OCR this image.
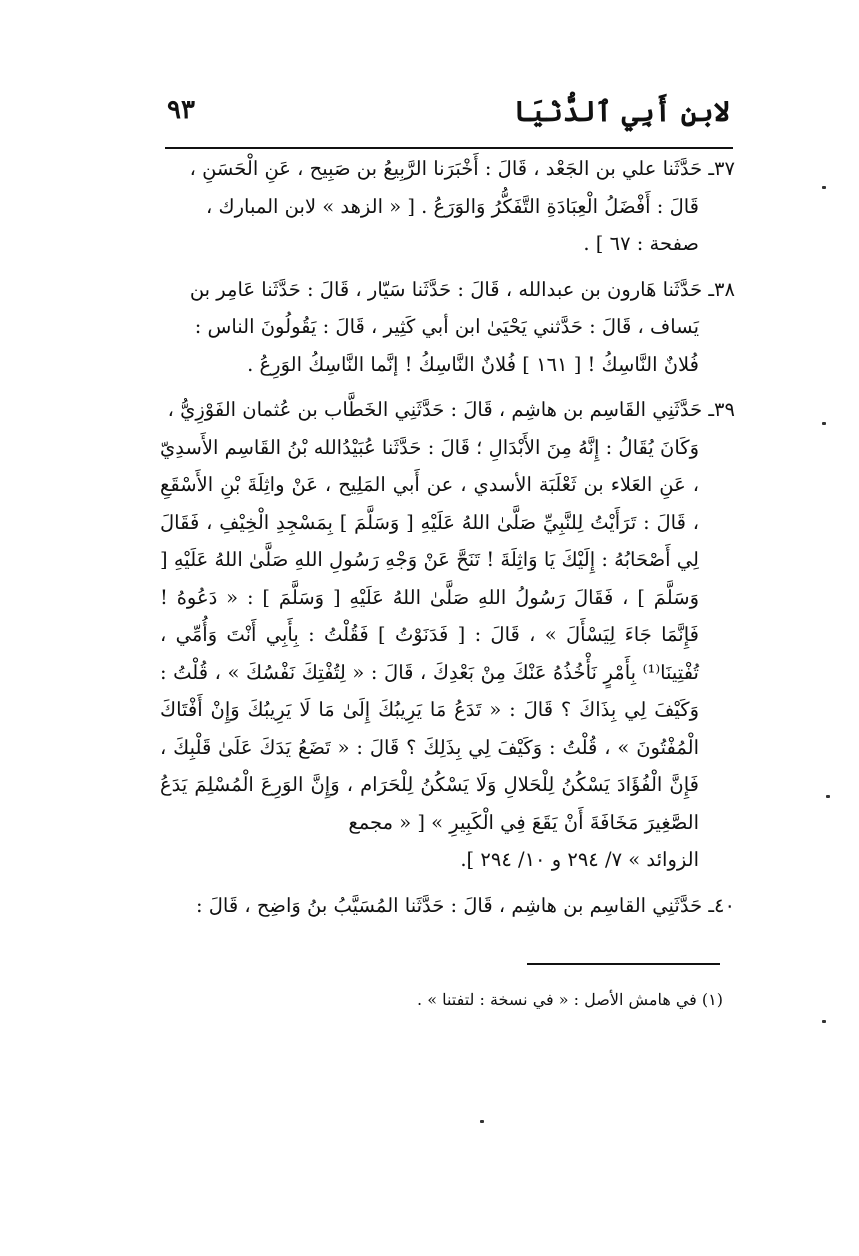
لابنِ أَبِي ٱلدُّنْيَا
٩٣
٣٧ـ حَدَّثَنا علي بن الجَعْد ، قَالَ : أَخْبَرَنا الرَّبِيعُ بن صَبِيح ، عَنِ الْحَسَنِ ،
قَالَ : أَفْضَلُ الْعِبَادَةِ التَّفَكُّرُ وَالوَرَعُ . [ « الزهد » لابن المبارك ،
صفحة : ٦٧ ] .
٣٨ـ حَدَّثَنا هَارون بن عبدالله ، قَالَ : حَدَّثَنا سَيّار ، قَالَ : حَدَّثَنا عَامِر بن
يَساف ، قَالَ : حَدَّثني يَحْيَىٰ ابن أبي كَثِير ، قَالَ : يَقُولُونَ الناس :
فُلانٌ النَّاسِكُ ! [ ١٦١ ] فُلانٌ النَّاسِكُ ! إنَّما النَّاسِكُ الوَرِعُ .
٣٩ـ حَدَّثَنِي القَاسِم بن هاشِم ، قَالَ : حَدَّثَنِي الخَطَّاب بن عُثمان الفَوْزِيُّ ،
وَكَانَ يُقَالُ : إِنَّهُ مِنَ الأَبْدَالِ ؛ قَالَ : حَدَّثَنا عُبَيْدُالله بْنُ القَاسِم الأَسدِيّ ، عَنِ العَلاء بن ثَعْلَبَة الأسدي ، عن أَبي المَلِيح ، عَنْ واثِلَةَ بْنِ الأَسْقَعِ ، قَالَ : تَرَأَيْتُ لِلنَّبِيِّ صَلَّىٰ اللهُ عَلَيْهِ [ وَسَلَّمَ ] بِمَسْجِدِ الْخِيْفِ ، فَقَالَ لِي أَصْحَابُهُ : إِلَيْكَ يَا وَاثِلَةَ ! تَنَحَّ عَنْ وَجْهِ رَسُولِ اللهِ صَلَّىٰ اللهُ عَلَيْهِ [ وَسَلَّمَ ] ، فَقَالَ رَسُولُ اللهِ صَلَّىٰ اللهُ عَلَيْهِ [ وَسَلَّمَ ] : « دَعُوهُ ! فَإِنَّمَا جَاءَ لِيَسْأَلَ » ، قَالَ : [ فَدَنَوْتُ ] فَقُلْتُ : بِأَبِي أَنْتَ وَأُمِّي ، تُفْتِينَا⁽¹⁾ بِأَمْرٍ نَأْخُذُهُ عَنْكَ مِنْ بَعْدِكَ ، قَالَ : « لِتُفْتِكَ نَفْسُكَ » ، قُلْتُ : وَكَيْفَ لِي بِذَاكَ ؟ قَالَ : « تَدَعُ مَا يَرِيبُكَ إِلَىٰ مَا لَا يَرِيبُكَ وَإِنْ أَفْتَاكَ الْمُفْتُونَ » ، قُلْتُ : وَكَيْفَ لِي بِذَلِكَ ؟ قَالَ : « تَضَعُ يَدَكَ عَلَىٰ قَلْبِكَ ، فَإِنَّ الْفُؤَادَ يَسْكُنُ لِلْحَلالِ وَلَا يَسْكُنُ لِلْحَرَام ، وَإِنَّ الوَرِعَ الْمُسْلِمَ يَدَعُ الصَّغِيرَ مَخَافَةَ أَنْ يَقَعَ فِي الْكَبِيرِ » [ « مجمع
الزوائد » ٧/ ٢٩٤ و ١٠/ ٢٩٤ ].
٤٠ـ حَدَّثَنِي القاسِم بن هاشِم ، قَالَ : حَدَّثَنا المُسَيَّبُ بنُ وَاضِح ، قَالَ :
(١) في هامش الأصل : « في نسخة : لتفتنا » .
